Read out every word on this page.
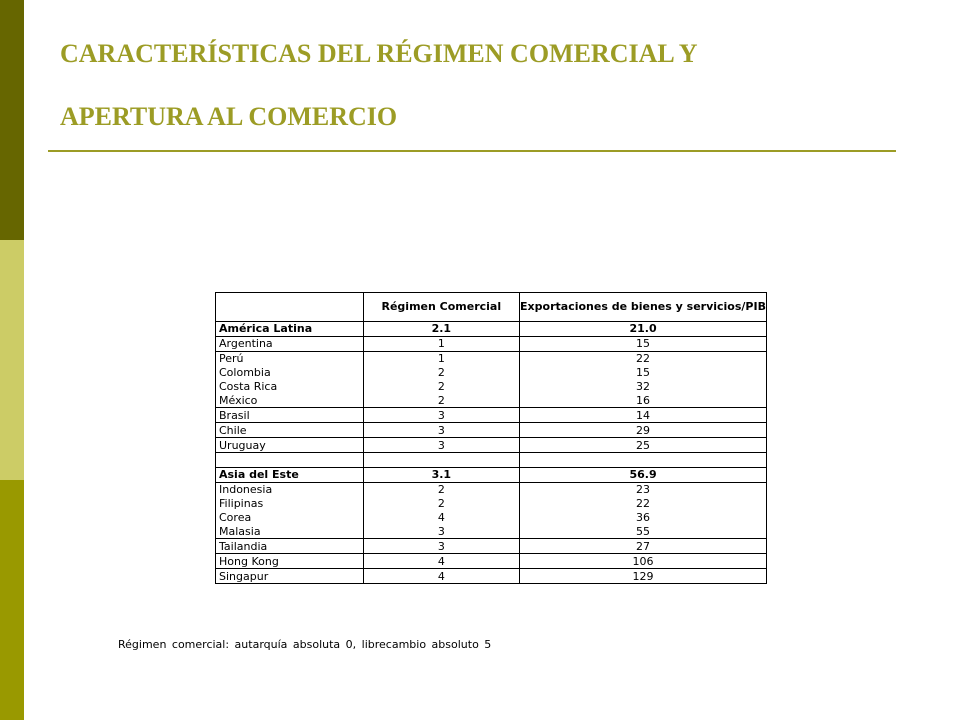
CARACTERÍSTICAS DEL RÉGIMEN COMERCIAL Y
APERTURA AL COMERCIO
	Régimen Comercial	Exportaciones de bienes y servicios/PIB
América Latina	2.1	21.0
Argentina	1	15
Perú	1	22
Colombia	2	15
Costa Rica	2	32
México	2	16
Brasil	3	14
Chile	3	29
Uruguay	3	25

Asia del Este	3.1	56.9
Indonesia	2	23
Filipinas	2	22
Corea	4	36
Malasia	3	55
Tailandia	3	27
Hong Kong	4	106
Singapur	4	129
Régimen comercial: autarquía absoluta 0, librecambio absoluto 5
